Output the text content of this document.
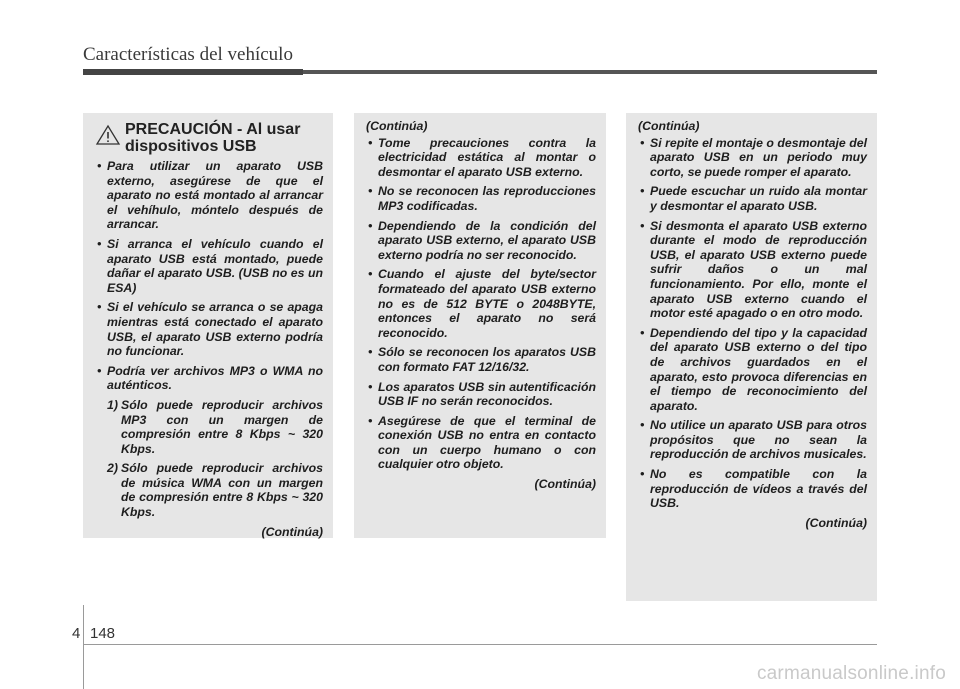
Características del vehículo
PRECAUCIÓN - Al usar dispositivos USB
• Para utilizar un aparato USB externo, asegúrese de que el aparato no está montado al arrancar el vehíhulo, móntelo después de arrancar.
• Si arranca el vehículo cuando el aparato USB está montado, puede dañar el aparato USB. (USB no es un ESA)
• Si el vehículo se arranca o se apaga mientras está conectado el aparato USB, el aparato USB externo podría no funcionar.
• Podría ver archivos MP3 o WMA no auténticos.
1) Sólo puede reproducir archivos MP3 con un margen de compresión entre 8 Kbps ~ 320 Kbps.
2) Sólo puede reproducir archivos de música WMA con un margen de compresión entre 8 Kbps ~ 320 Kbps.
(Continúa)
(Continúa)
• Tome precauciones contra la electricidad estática al montar o desmontar el aparato USB externo.
• No se reconocen las reproducciones MP3 codificadas.
• Dependiendo de la condición del aparato USB externo, el aparato USB externo podría no ser reconocido.
• Cuando el ajuste del byte/sector formateado del aparato USB externo no es de 512 BYTE o 2048BYTE, entonces el aparato no será reconocido.
• Sólo se reconocen los aparatos USB con formato FAT 12/16/32.
• Los aparatos USB sin autentificación USB IF no serán reconocidos.
• Asegúrese de que el terminal de conexión USB no entra en contacto con un cuerpo humano o con cualquier otro objeto.
(Continúa)
(Continúa)
• Si repite el montaje o desmontaje del aparato USB en un periodo muy corto, se puede romper el aparato.
• Puede escuchar un ruido ala montar y desmontar el aparato USB.
• Si desmonta el aparato USB externo durante el modo de reproducción USB, el aparato USB externo puede sufrir daños o un mal funcionamiento. Por ello, monte el aparato USB externo cuando el motor esté apagado o en otro modo.
• Dependiendo del tipo y la capacidad del aparato USB externo o del tipo de archivos guardados en el aparato, esto provoca diferencias en el tiempo de reconocimiento del aparato.
• No utilice un aparato USB para otros propósitos que no sean la reproducción de archivos musicales.
• No es compatible con la reproducción de vídeos a través del USB.
(Continúa)
4 148
carmanualsonline.info
